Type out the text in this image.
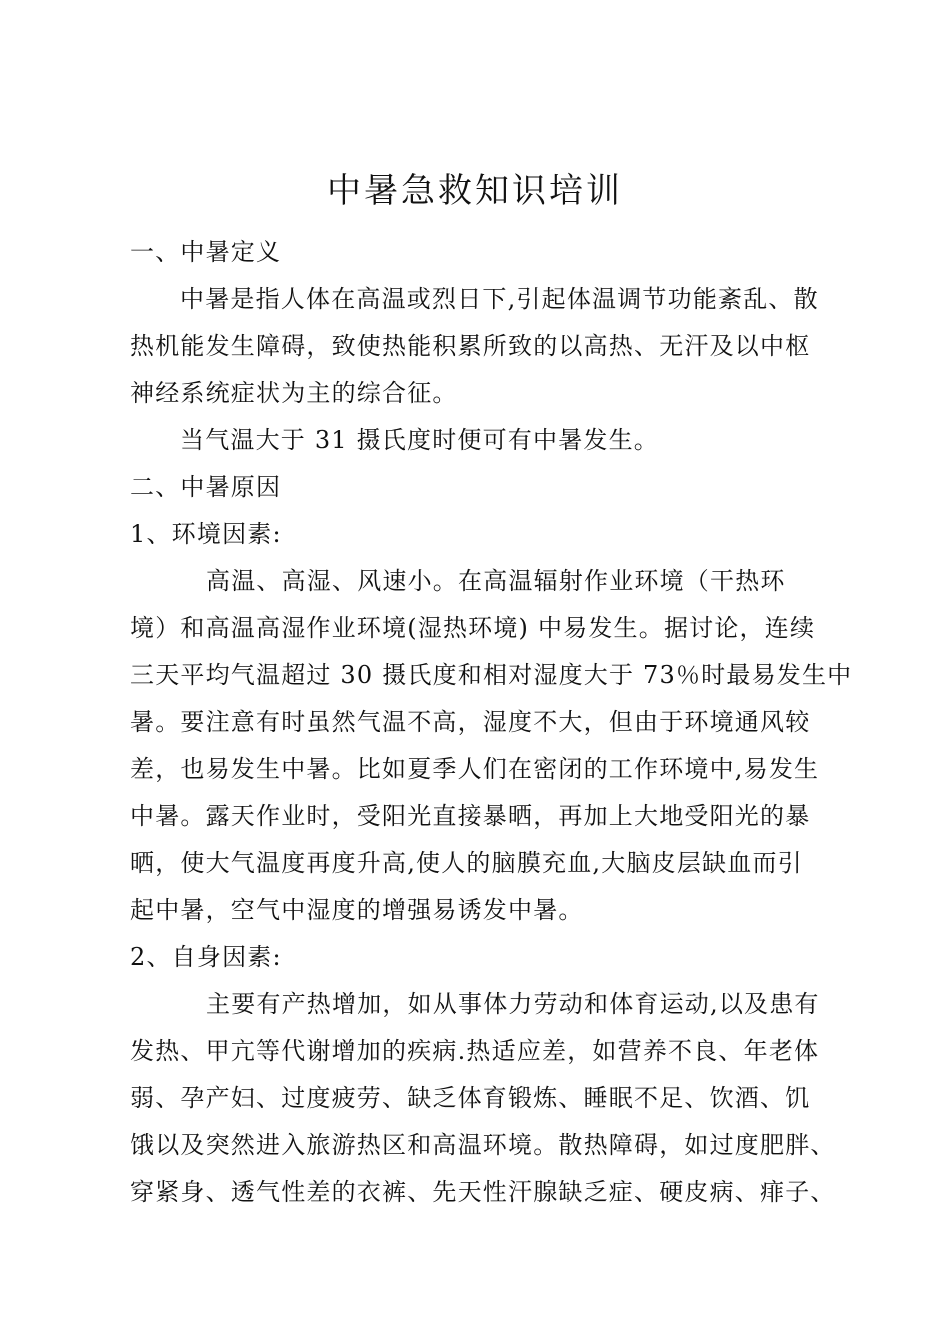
中暑急救知识培训

一、中暑定义

中暑是指人体在高温或烈日下,引起体温调节功能紊乱、散

热机能发生障碍，致使热能积累所致的以高热、无汗及以中枢

神经系统症状为主的综合征。

当气温大于 31 摄氏度时便可有中暑发生。

二、中暑原因

1、环境因素:

高温、高湿、风速小。在高温辐射作业环境（干热环

境）和高温高湿作业环境(湿热环境) 中易发生。据讨论，连续

三天平均气温超过 30 摄氏度和相对湿度大于 73％时最易发生中

暑。要注意有时虽然气温不高，湿度不大，但由于环境通风较

差，也易发生中暑。比如夏季人们在密闭的工作环境中,易发生

中暑。露天作业时，受阳光直接暴晒，再加上大地受阳光的暴

晒，使大气温度再度升高,使人的脑膜充血,大脑皮层缺血而引

起中暑，空气中湿度的增强易诱发中暑。

2、自身因素:

主要有产热增加，如从事体力劳动和体育运动,以及患有

发热、甲亢等代谢增加的疾病.热适应差，如营养不良、年老体

弱、孕产妇、过度疲劳、缺乏体育锻炼、睡眠不足、饮酒、饥

饿以及突然进入旅游热区和高温环境。散热障碍，如过度肥胖、

穿紧身、透气性差的衣裤、先天性汗腺缺乏症、硬皮病、痱子、
